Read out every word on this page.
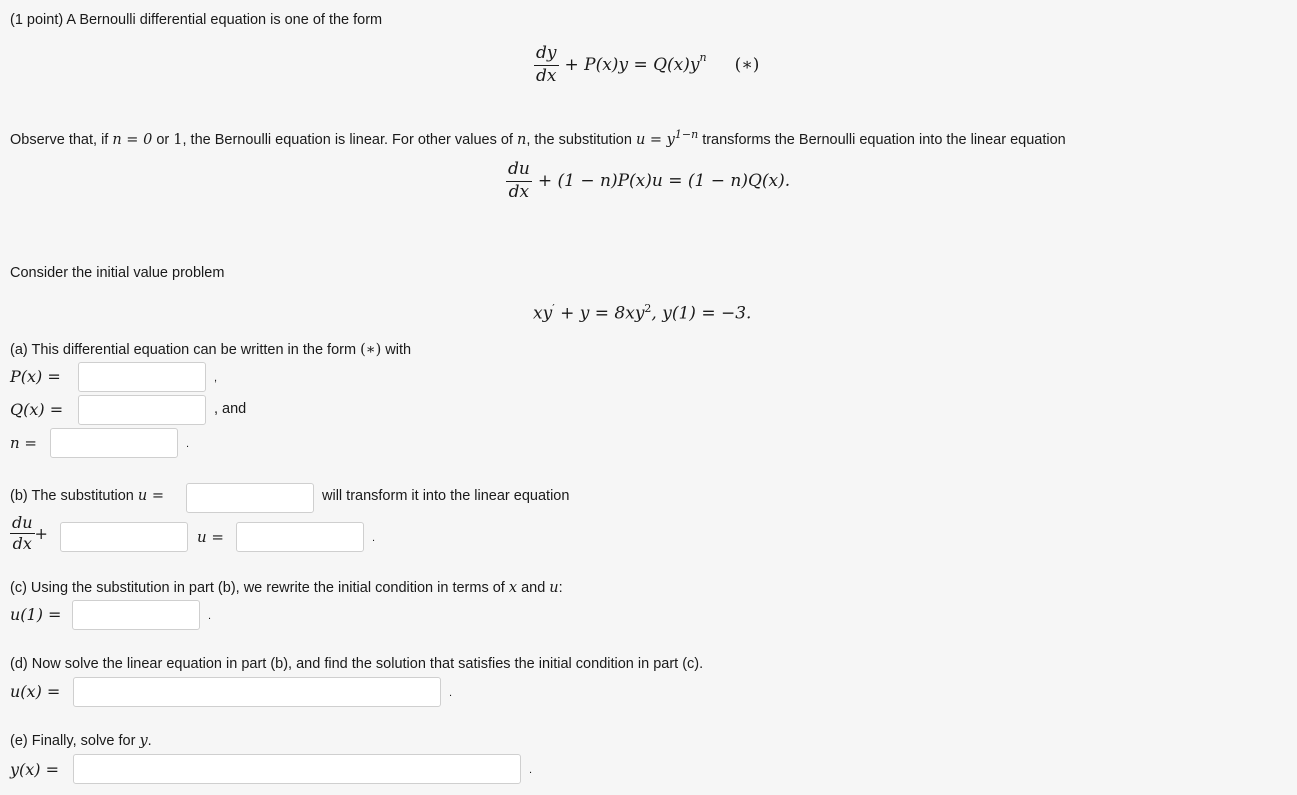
(1 point) A Bernoulli differential equation is one of the form
$\frac{dy}{dx} + P(x)y = Q(x)y^n$ (∗)
Observe that, if n = 0 or 1, the Bernoulli equation is linear. For other values of n, the substitution $u = y^{1-n}$ transforms the Bernoulli equation into the linear equation
$\frac{du}{dx} + (1 - n)P(x)u = (1 - n)Q(x)$.
Consider the initial value problem
$xy' + y = 8xy^2$, y(1) = −3.
(a) This differential equation can be written in the form (∗) with
P(x) =	,
Q(x) =	, and
n =	.
(b) The substitution u =	will transform it into the linear equation
$\frac{du}{dx}$ +	u =	.
(c) Using the substitution in part (b), we rewrite the initial condition in terms of x and u:
u(1) =	.
(d) Now solve the linear equation in part (b), and find the solution that satisfies the initial condition in part (c).
u(x) =	.
(e) Finally, solve for y.
y(x) =	.
